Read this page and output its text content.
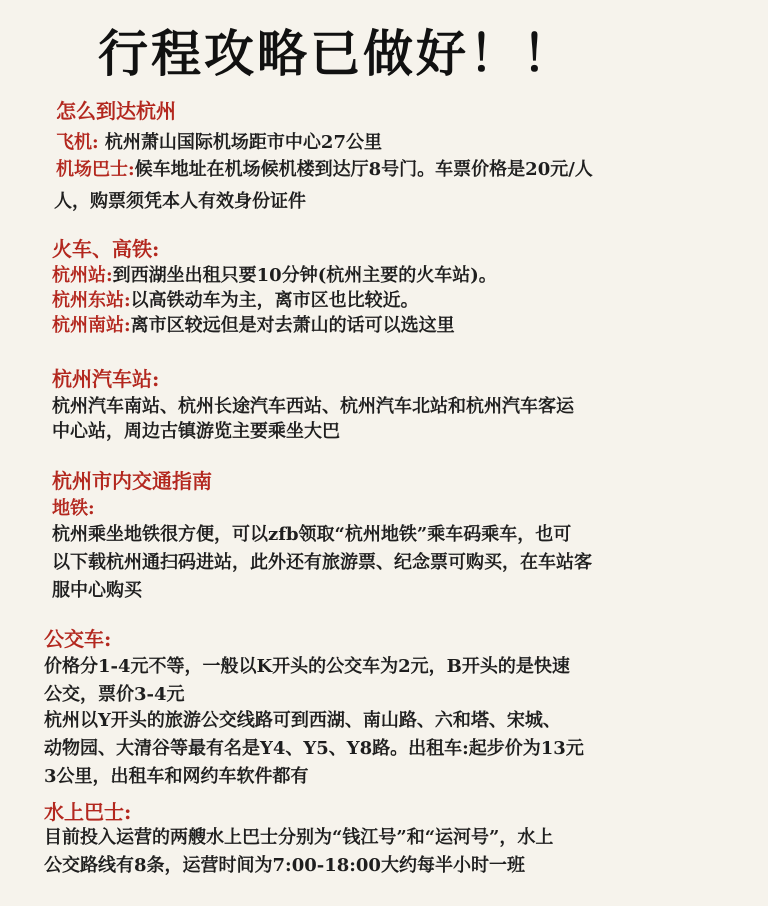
行程攻略已做好！！
怎么到达杭州
飞机: 杭州萧山国际机场距市中心27公里
机场巴士:候车地址在机场候机楼到达厅8号门。车票价格是20元/人
人，购票须凭本人有效身份证件
火车、高铁:
杭州站:到西湖坐出租只要10分钟(杭州主要的火车站)。
杭州东站:以高铁动车为主，离市区也比较近。
杭州南站:离市区较远但是对去萧山的话可以选这里
杭州汽车站:
杭州汽车南站、杭州长途汽车西站、杭州汽车北站和杭州汽车客运
中心站，周边古镇游览主要乘坐大巴
杭州市内交通指南
地铁:
杭州乘坐地铁很方便，可以zfb领取“杭州地铁”乘车码乘车，也可
以下载杭州通扫码进站，此外还有旅游票、纪念票可购买，在车站客
服中心购买
公交车:
价格分1-4元不等，一般以K开头的公交车为2元，B开头的是快速
公交，票价3-4元
杭州以Y开头的旅游公交线路可到西湖、南山路、六和塔、宋城、
动物园、大清谷等最有名是Y4、Y5、Y8路。出租车:起步价为13元
3公里，出租车和网约车软件都有
水上巴士:
目前投入运营的两艘水上巴士分别为“钱江号”和“运河号”，水上
公交路线有8条，运营时间为7:00-18:00大约每半小时一班
